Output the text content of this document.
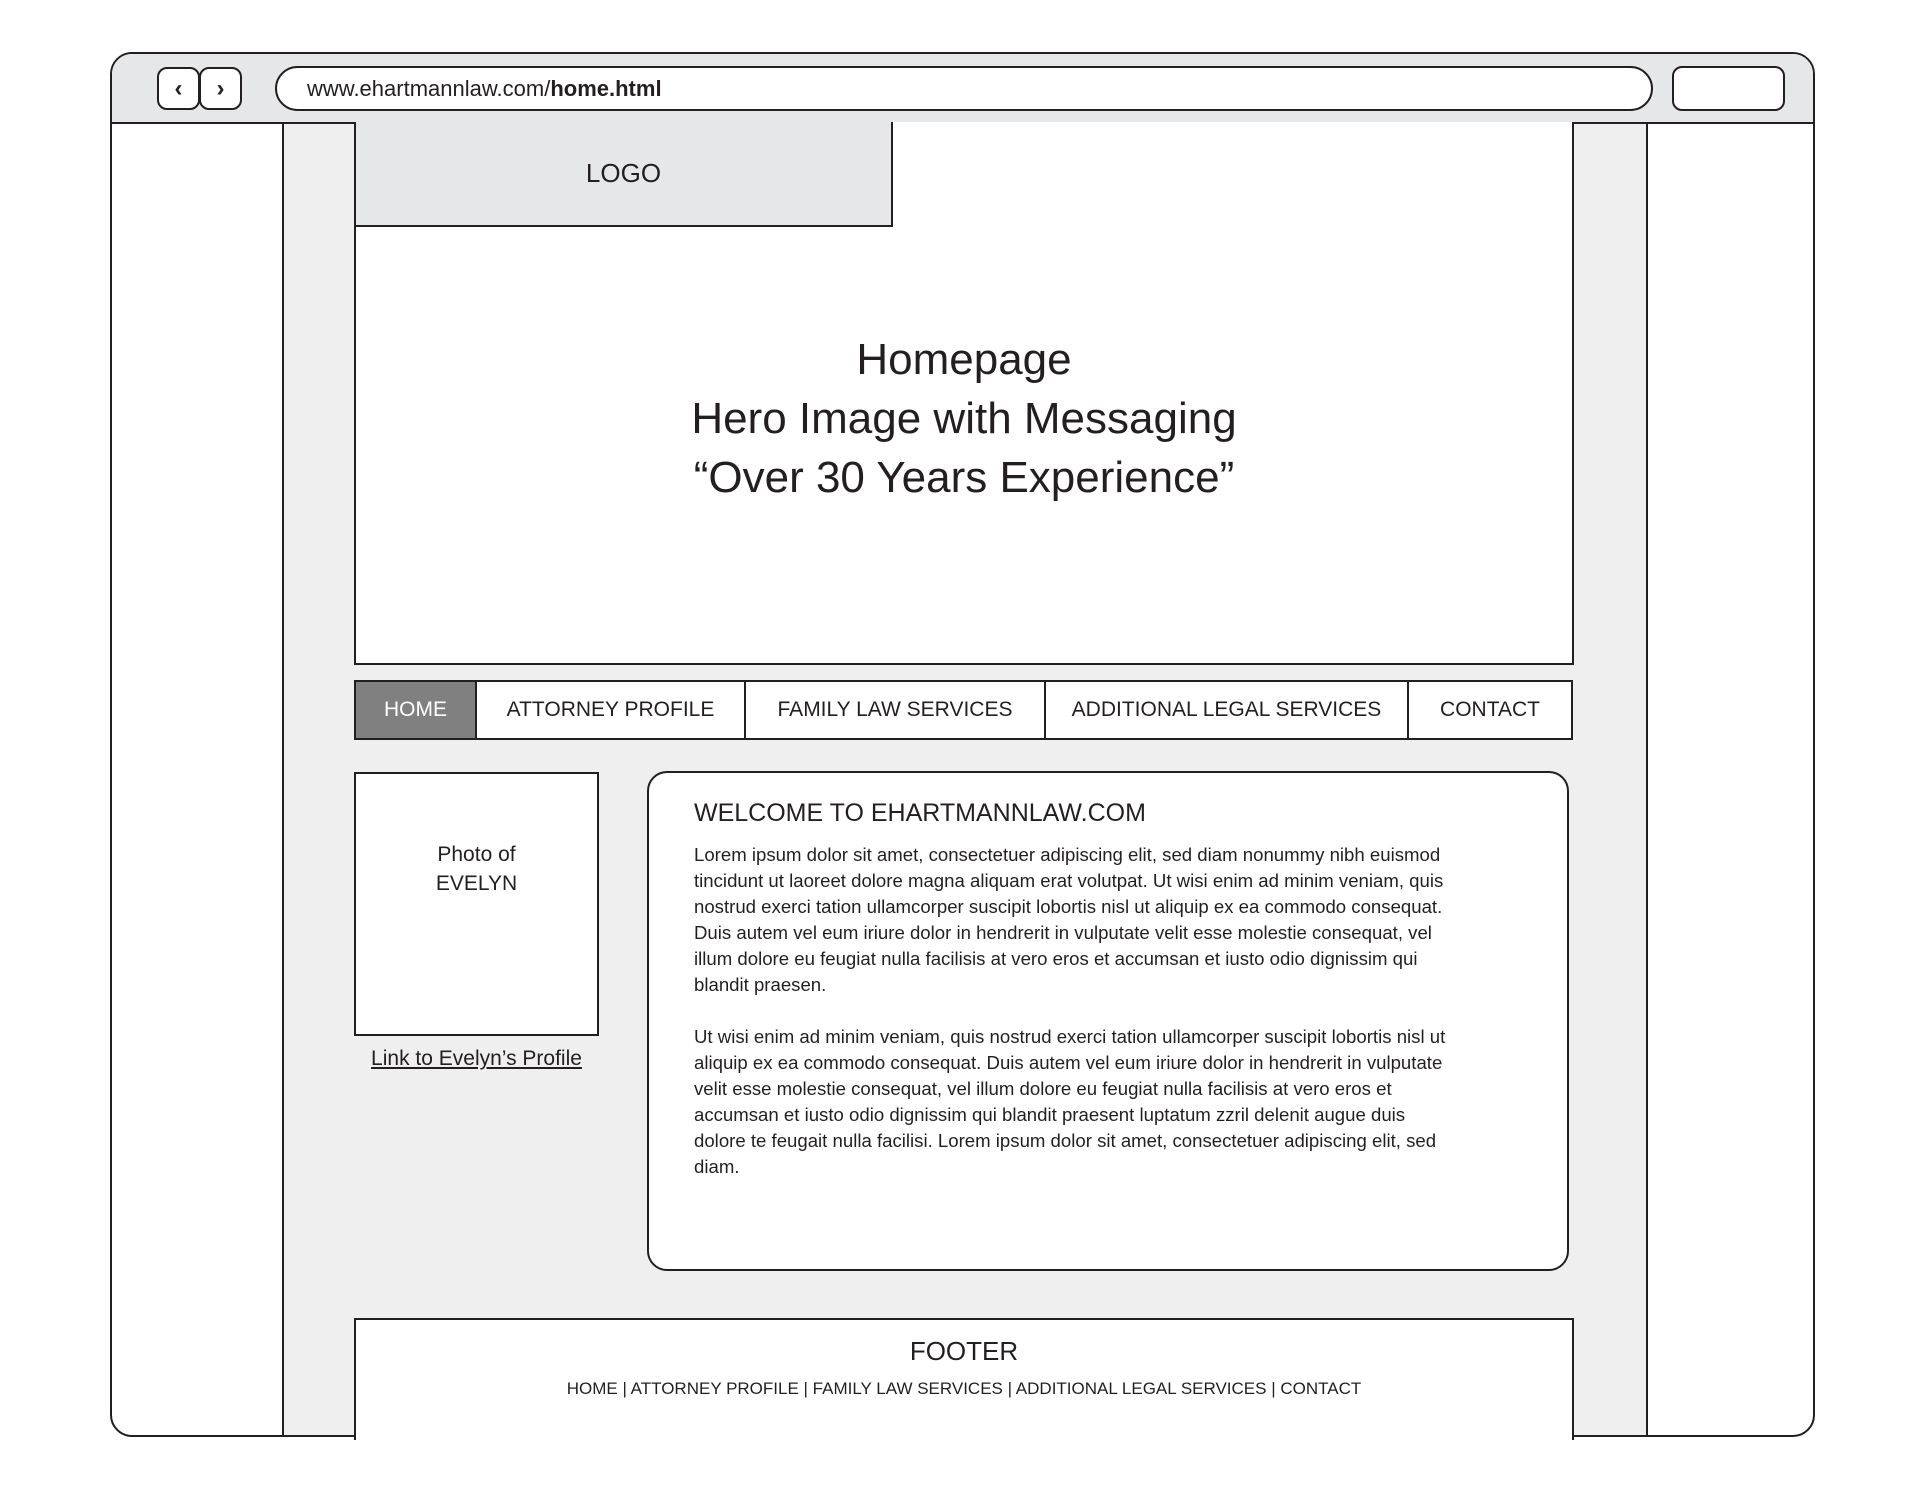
‹ ›	www.ehartmannlaw.com/ home.html
LOGO
Homepage
Hero Image with Messaging
“Over 30 Years Experience”
HOME	ATTORNEY PROFILE	FAMILY LAW SERVICES	ADDITIONAL LEGAL SERVICES	CONTACT
Photo of
EVELYN
Link to Evelyn’s Profile
WELCOME TO EHARTMANNLAW.COM

Lorem ipsum dolor sit amet, consectetuer adipiscing elit, sed diam nonummy nibh euismod tincidunt ut laoreet dolore magna aliquam erat volutpat. Ut wisi enim ad minim veniam, quis nostrud exerci tation ullamcorper suscipit lobortis nisl ut aliquip ex ea commodo consequat. Duis autem vel eum iriure dolor in hendrerit in vulputate velit esse molestie consequat, vel illum dolore eu feugiat nulla facilisis at vero eros et accumsan et iusto odio dignissim qui blandit praesen.

Ut wisi enim ad minim veniam, quis nostrud exerci tation ullamcorper suscipit lobortis nisl ut aliquip ex ea commodo consequat. Duis autem vel eum iriure dolor in hendrerit in vulputate velit esse molestie consequat, vel illum dolore eu feugiat nulla facilisis at vero eros et accumsan et iusto odio dignissim qui blandit praesent luptatum zzril delenit augue duis dolore te feugait nulla facilisi. Lorem ipsum dolor sit amet, consectetuer adipiscing elit, sed diam.

FOOTER
HOME | ATTORNEY PROFILE | FAMILY LAW SERVICES | ADDITIONAL LEGAL SERVICES | CONTACT
